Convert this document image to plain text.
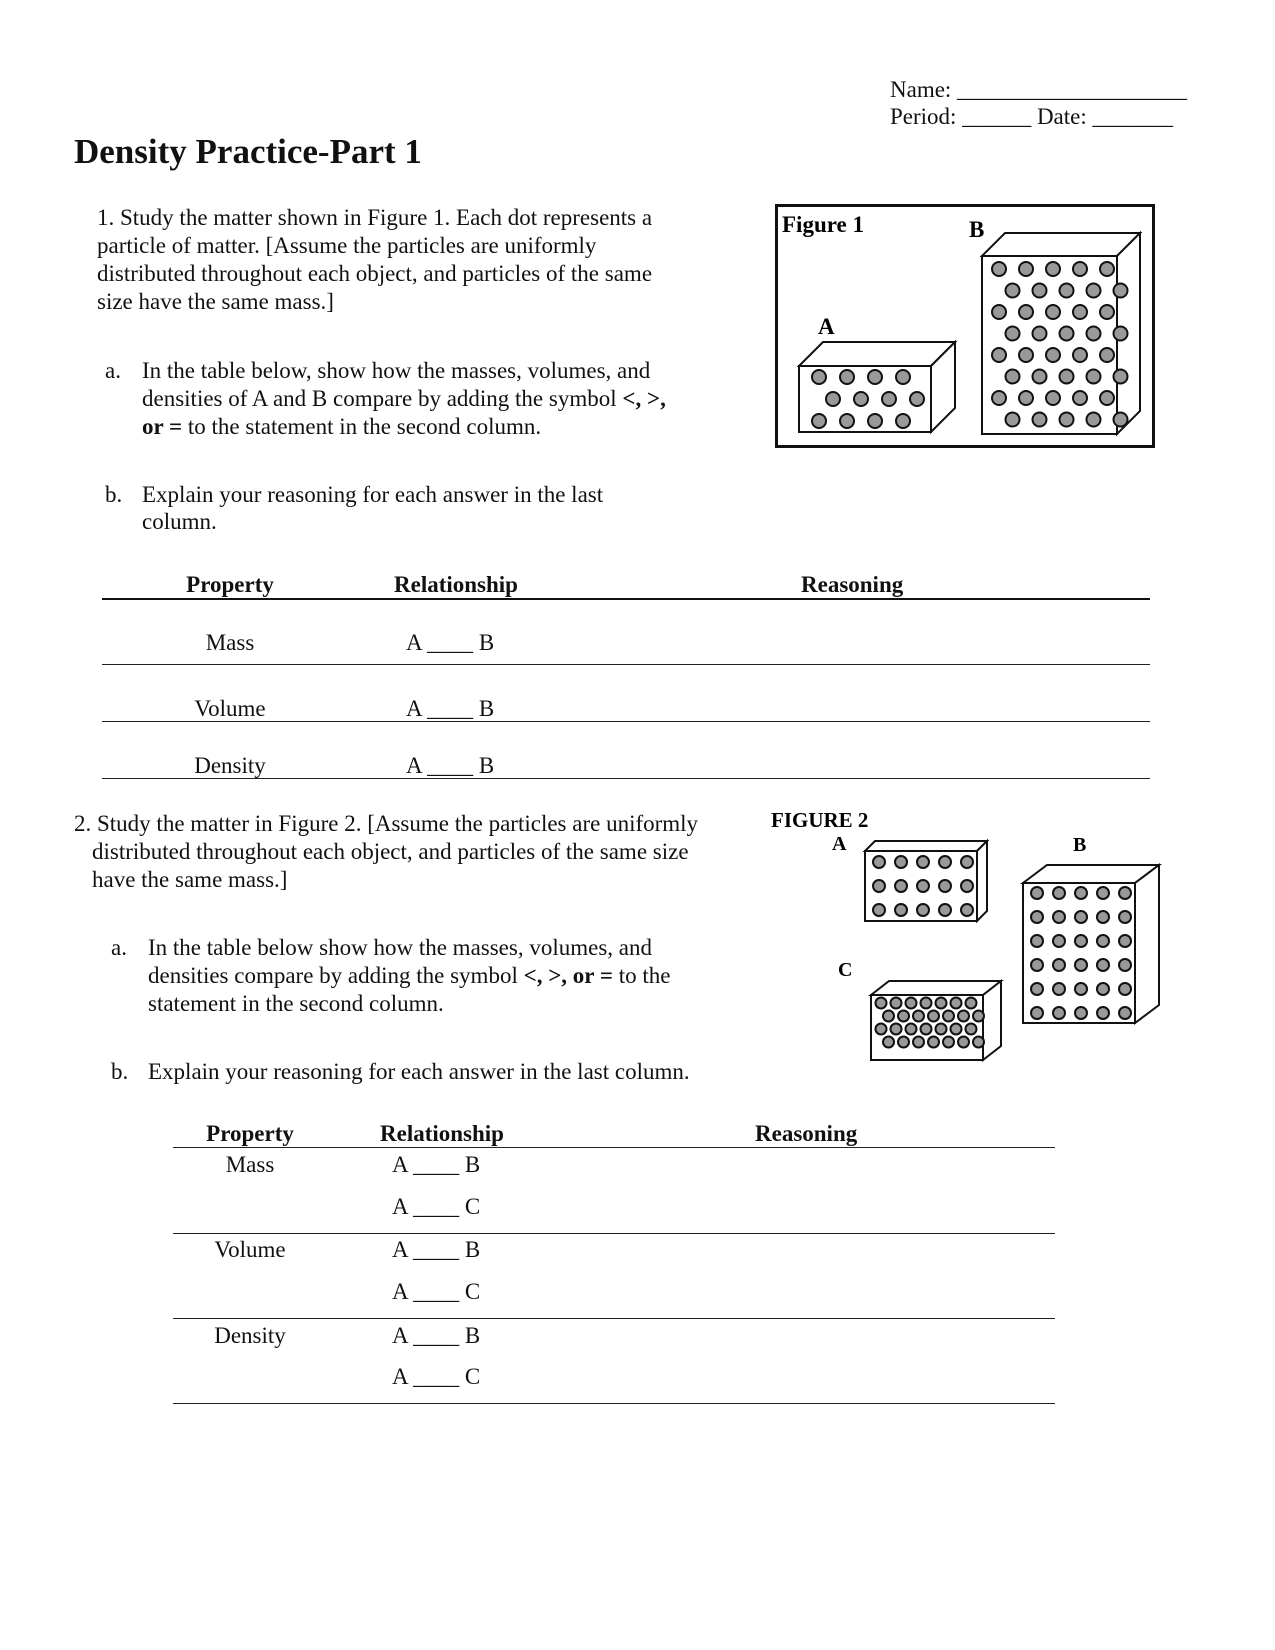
Name: ____________________
Period: ______ Date: _______
Density Practice-Part 1
1. Study the matter shown in Figure 1. Each dot represents a
particle of matter. [Assume the particles are uniformly
distributed throughout each object, and particles of the same
size have the same mass.]
a. In the table below, show how the masses, volumes, and
densities of A and B compare by adding the symbol <, >,
or = to the statement in the second column.
b. Explain your reasoning for each answer in the last
column.
Figure 1	B
A
Property	Relationship	Reasoning
Mass	A ____ B
Volume	A ____ B
Density	A ____ B
2. Study the matter in Figure 2. [Assume the particles are uniformly
distributed throughout each object, and particles of the same size
have the same mass.]
a. In the table below show how the masses, volumes, and
densities compare by adding the symbol <, >, or = to the
statement in the second column.
b. Explain your reasoning for each answer in the last column.
FIGURE 2
A	B
C
Property	Relationship	Reasoning
Mass	A ____ B
A ____ C
Volume	A ____ B
A ____ C
Density	A ____ B
A ____ C
